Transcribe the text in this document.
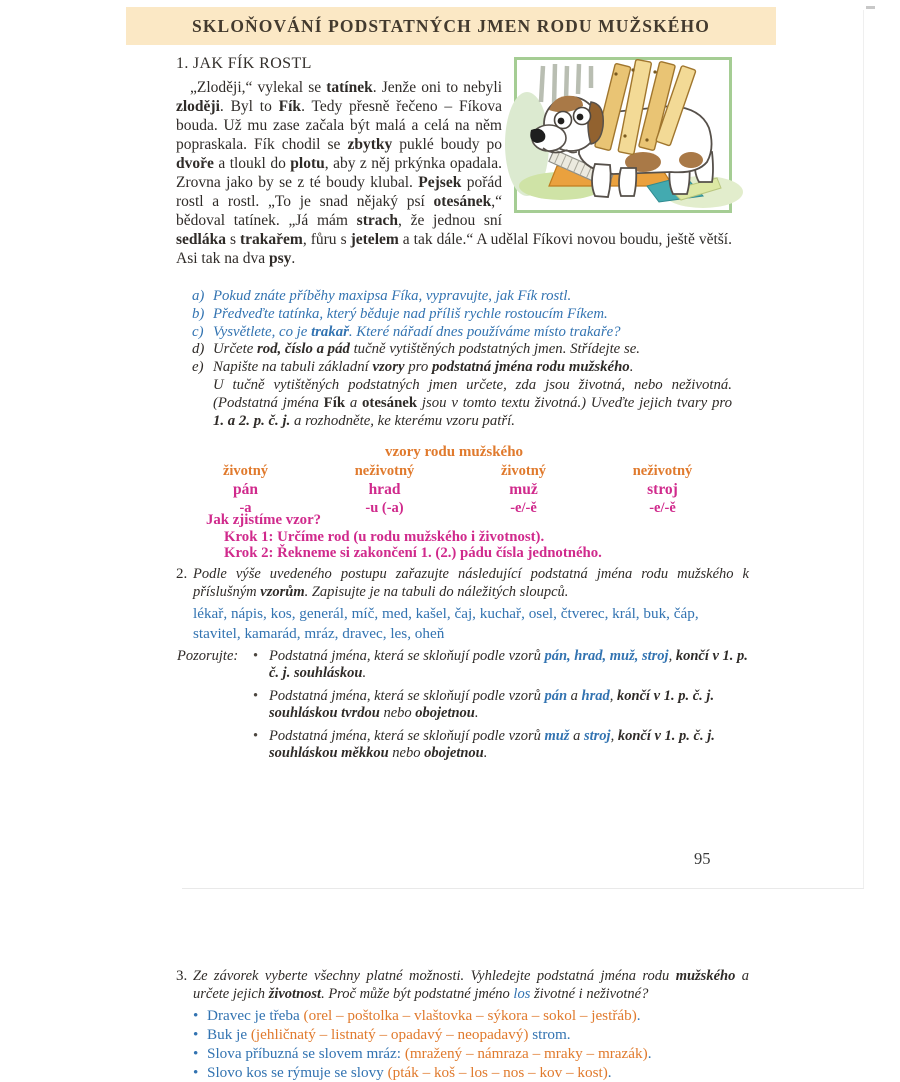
SKLOŇOVÁNÍ PODSTATNÝCH JMEN RODU MUŽSKÉHO
1. JAK FÍK ROSTL

„Zloději,“ vylekal se tatínek. Jenže oni to nebyli zloději. Byl to Fík. Tedy přesně řečeno – Fíkova bouda. Už mu zase začala být malá a celá na něm popraskala. Fík chodil se zbytky puklé boudy po dvoře a tloukl do plotu, aby z něj prkýnka opadala. Zrovna jako by se z té boudy klubal. Pejsek pořád rostl a rostl. „To je snad nějaký psí otesánek,“ bědoval tatínek. „Já mám strach, že jednou sní sedláka s trakařem, fůru s jetelem a tak dále.“ A udělal Fíkovi novou boudu, ještě větší. Asi tak na dva psy.

a) Pokud znáte příběhy maxipsa Fíka, vypravujte, jak Fík rostl.
b) Předveďte tatínka, který běduje nad příliš rychle rostoucím Fíkem.
c) Vysvětlete, co je trakař. Které nářadí dnes používáme místo trakaře?
d) Určete rod, číslo a pád tučně vytištěných podstatných jmen. Střídejte se.
e) Napište na tabuli základní vzory pro podstatná jména rodu mužského.
U tučně vytištěných podstatných jmen určete, zda jsou životná, nebo neživotná. (Podstatná jména Fík a otesánek jsou v tomto textu životná.) Uveďte jejich tvary pro 1. a 2. p. č. j. a rozhodněte, ke kterému vzoru patří.
vzory rodu mužského
životný	neživotný	životný	neživotný
pán	hrad	muž	stroj
-a	-u (-a)	-e/-ě	-e/-ě
Jak zjistíme vzor?
Krok 1: Určíme rod (u rodu mužského i životnost).
Krok 2: Řekneme si zakončení 1. (2.) pádu čísla jednotného.
2. Podle výše uvedeného postupu zařazujte následující podstatná jména rodu mužského k příslušným vzorům. Zapisujte je na tabuli do náležitých sloupců.

lékař, nápis, kos, generál, míč, med, kašel, čaj, kuchař, osel, čtverec, král, buk, čáp, stavitel, kamarád, mráz, dravec, les, oheň
Pozorujte:	• Podstatná jména, která se skloňují podle vzorů pán, hrad, muž, stroj, končí v 1. p. č. j. souhláskou.
• Podstatná jména, která se skloňují podle vzorů pán a hrad, končí v 1. p. č. j. souhláskou tvrdou nebo obojetnou.
• Podstatná jména, která se skloňují podle vzorů muž a stroj, končí v 1. p. č. j. souhláskou měkkou nebo obojetnou.
3. Ze závorek vyberte všechny platné možnosti. Vyhledejte podstatná jména rodu mužského a určete jejich životnost. Proč může být podstatné jméno los životné i neživotné?

• Dravec je třeba (orel – poštolka – vlaštovka – sýkora – sokol – jestřáb).
• Buk je (jehličnatý – listnatý – opadavý – neopadavý) strom.
• Slova příbuzná se slovem mráz: (mražený – námraza – mraky – mrazák).
• Slovo kos se rýmuje se slovy (pták – koš – los – nos – kov – kost).
95
